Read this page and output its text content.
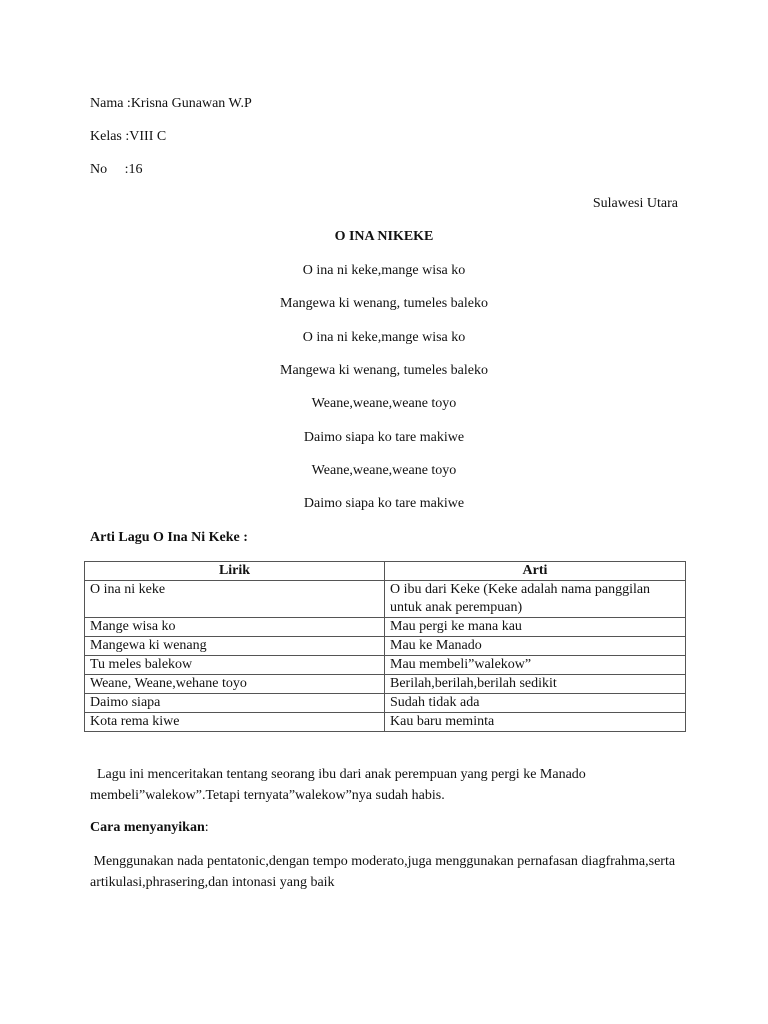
Nama :Krisna Gunawan W.P
Kelas :VIII C
No     :16
Sulawesi Utara
O INA NIKEKE
O ina ni keke,mange wisa ko
Mangewa ki wenang, tumeles baleko
O ina ni keke,mange wisa ko
Mangewa ki wenang, tumeles baleko
Weane,weane,weane toyo
Daimo siapa ko tare makiwe
Weane,weane,weane toyo
Daimo siapa ko tare makiwe
Arti Lagu O Ina Ni Keke :
Lirik	Arti
O ina ni keke	O ibu dari Keke (Keke adalah nama panggilan untuk anak perempuan)
Mange wisa ko	Mau pergi ke mana kau
Mangewa ki wenang	Mau ke Manado
Tu meles balekow	Mau membeli”walekow”
Weane, Weane,wehane toyo	Berilah,berilah,berilah sedikit
Daimo siapa	Sudah tidak ada
Kota rema kiwe	Kau baru meminta
Lagu ini menceritakan tentang seorang ibu dari anak perempuan yang pergi ke Manado membeli”walekow”.Tetapi ternyata”walekow”nya sudah habis.
Cara menyanyikan:
Menggunakan nada pentatonic,dengan tempo moderato,juga menggunakan pernafasan diagfrahma,serta artikulasi,phrasering,dan intonasi yang baik
